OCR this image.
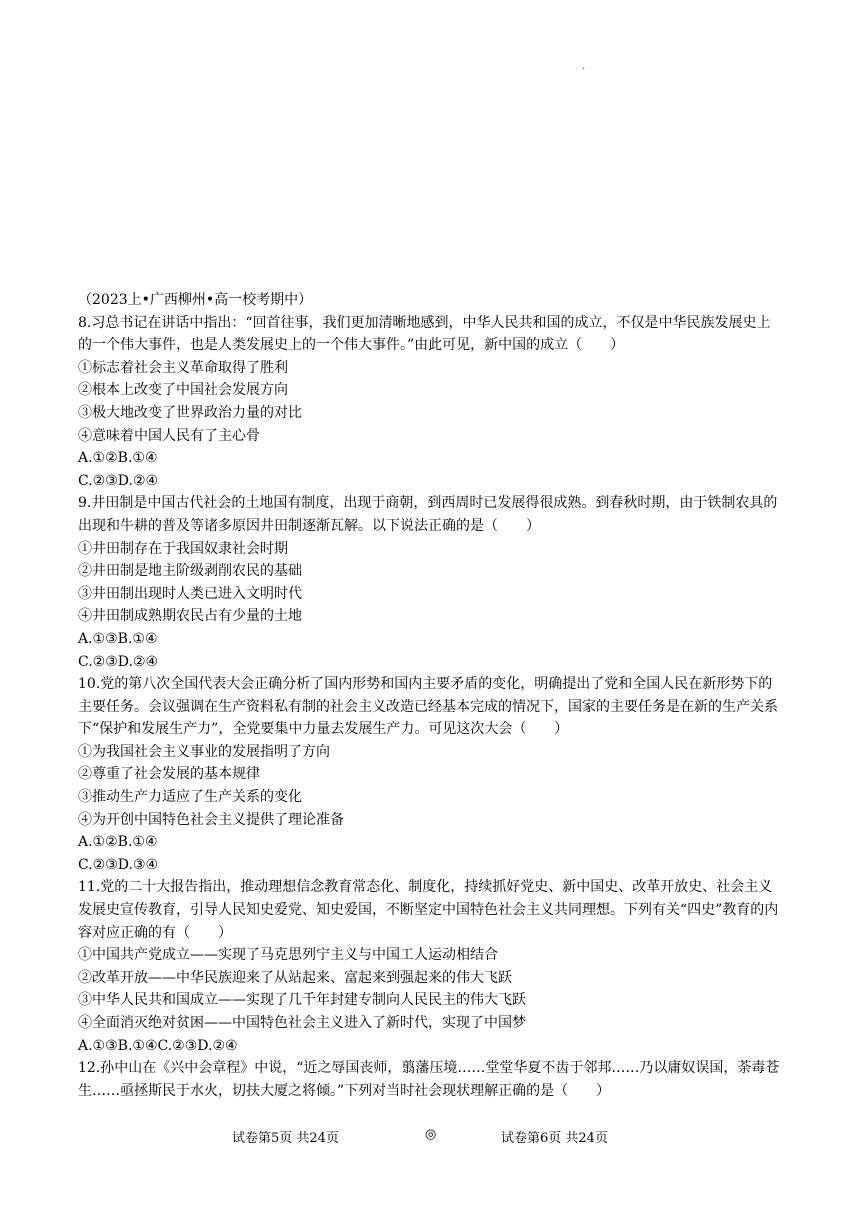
·
（2023上•广西柳州•高一校考期中）
8.习总书记在讲话中指出：“回首往事，我们更加清晰地感到，中华人民共和国的成立，不仅是中华民族发展史上的一个伟大事件，也是人类发展史上的一个伟大事件。”由此可见，新中国的成立（　　）
①标志着社会主义革命取得了胜利
②根本上改变了中国社会发展方向
③极大地改变了世界政治力量的对比
④意味着中国人民有了主心骨
A.①②B.①④
C.②③D.②④
9.井田制是中国古代社会的土地国有制度，出现于商朝，到西周时已发展得很成熟。到春秋时期，由于铁制农具的出现和牛耕的普及等诸多原因井田制逐渐瓦解。以下说法正确的是（　　）
①井田制存在于我国奴隶社会时期
②井田制是地主阶级剥削农民的基础
③井田制出现时人类已进入文明时代
④井田制成熟期农民占有少量的土地
A.①③B.①④
C.②③D.②④
10.党的第八次全国代表大会正确分析了国内形势和国内主要矛盾的变化，明确提出了党和全国人民在新形势下的主要任务。会议强调在生产资料私有制的社会主义改造已经基本完成的情况下，国家的主要任务是在新的生产关系下“保护和发展生产力”，全党要集中力量去发展生产力。可见这次大会（　　）
①为我国社会主义事业的发展指明了方向
②尊重了社会发展的基本规律
③推动生产力适应了生产关系的变化
④为开创中国特色社会主义提供了理论准备
A.①②B.①④
C.②③D.③④
11.党的二十大报告指出，推动理想信念教育常态化、制度化，持续抓好党史、新中国史、改革开放史、社会主义发展史宣传教育，引导人民知史爱党、知史爱国，不断坚定中国特色社会主义共同理想。下列有关“四史”教育的内容对应正确的有（　　）
①中国共产党成立——实现了马克思列宁主义与中国工人运动相结合
②改革开放——中华民族迎来了从站起来、富起来到强起来的伟大飞跃
③中华人民共和国成立——实现了几千年封建专制向人民民主的伟大飞跃
④全面消灭绝对贫困——中国特色社会主义进入了新时代，实现了中国梦
A.①③B.①④C.②③D.②④
12.孙中山在《兴中会章程》中说，“近之辱国丧师，翦藩压境……堂堂华夏不齿于邻邦……乃以庸奴误国，荼毒苍生……亟拯斯民于水火，切扶大厦之将倾。”下列对当时社会现状理解正确的是（　　）
试卷第5页 共24页	◎	试卷第6页 共24页
